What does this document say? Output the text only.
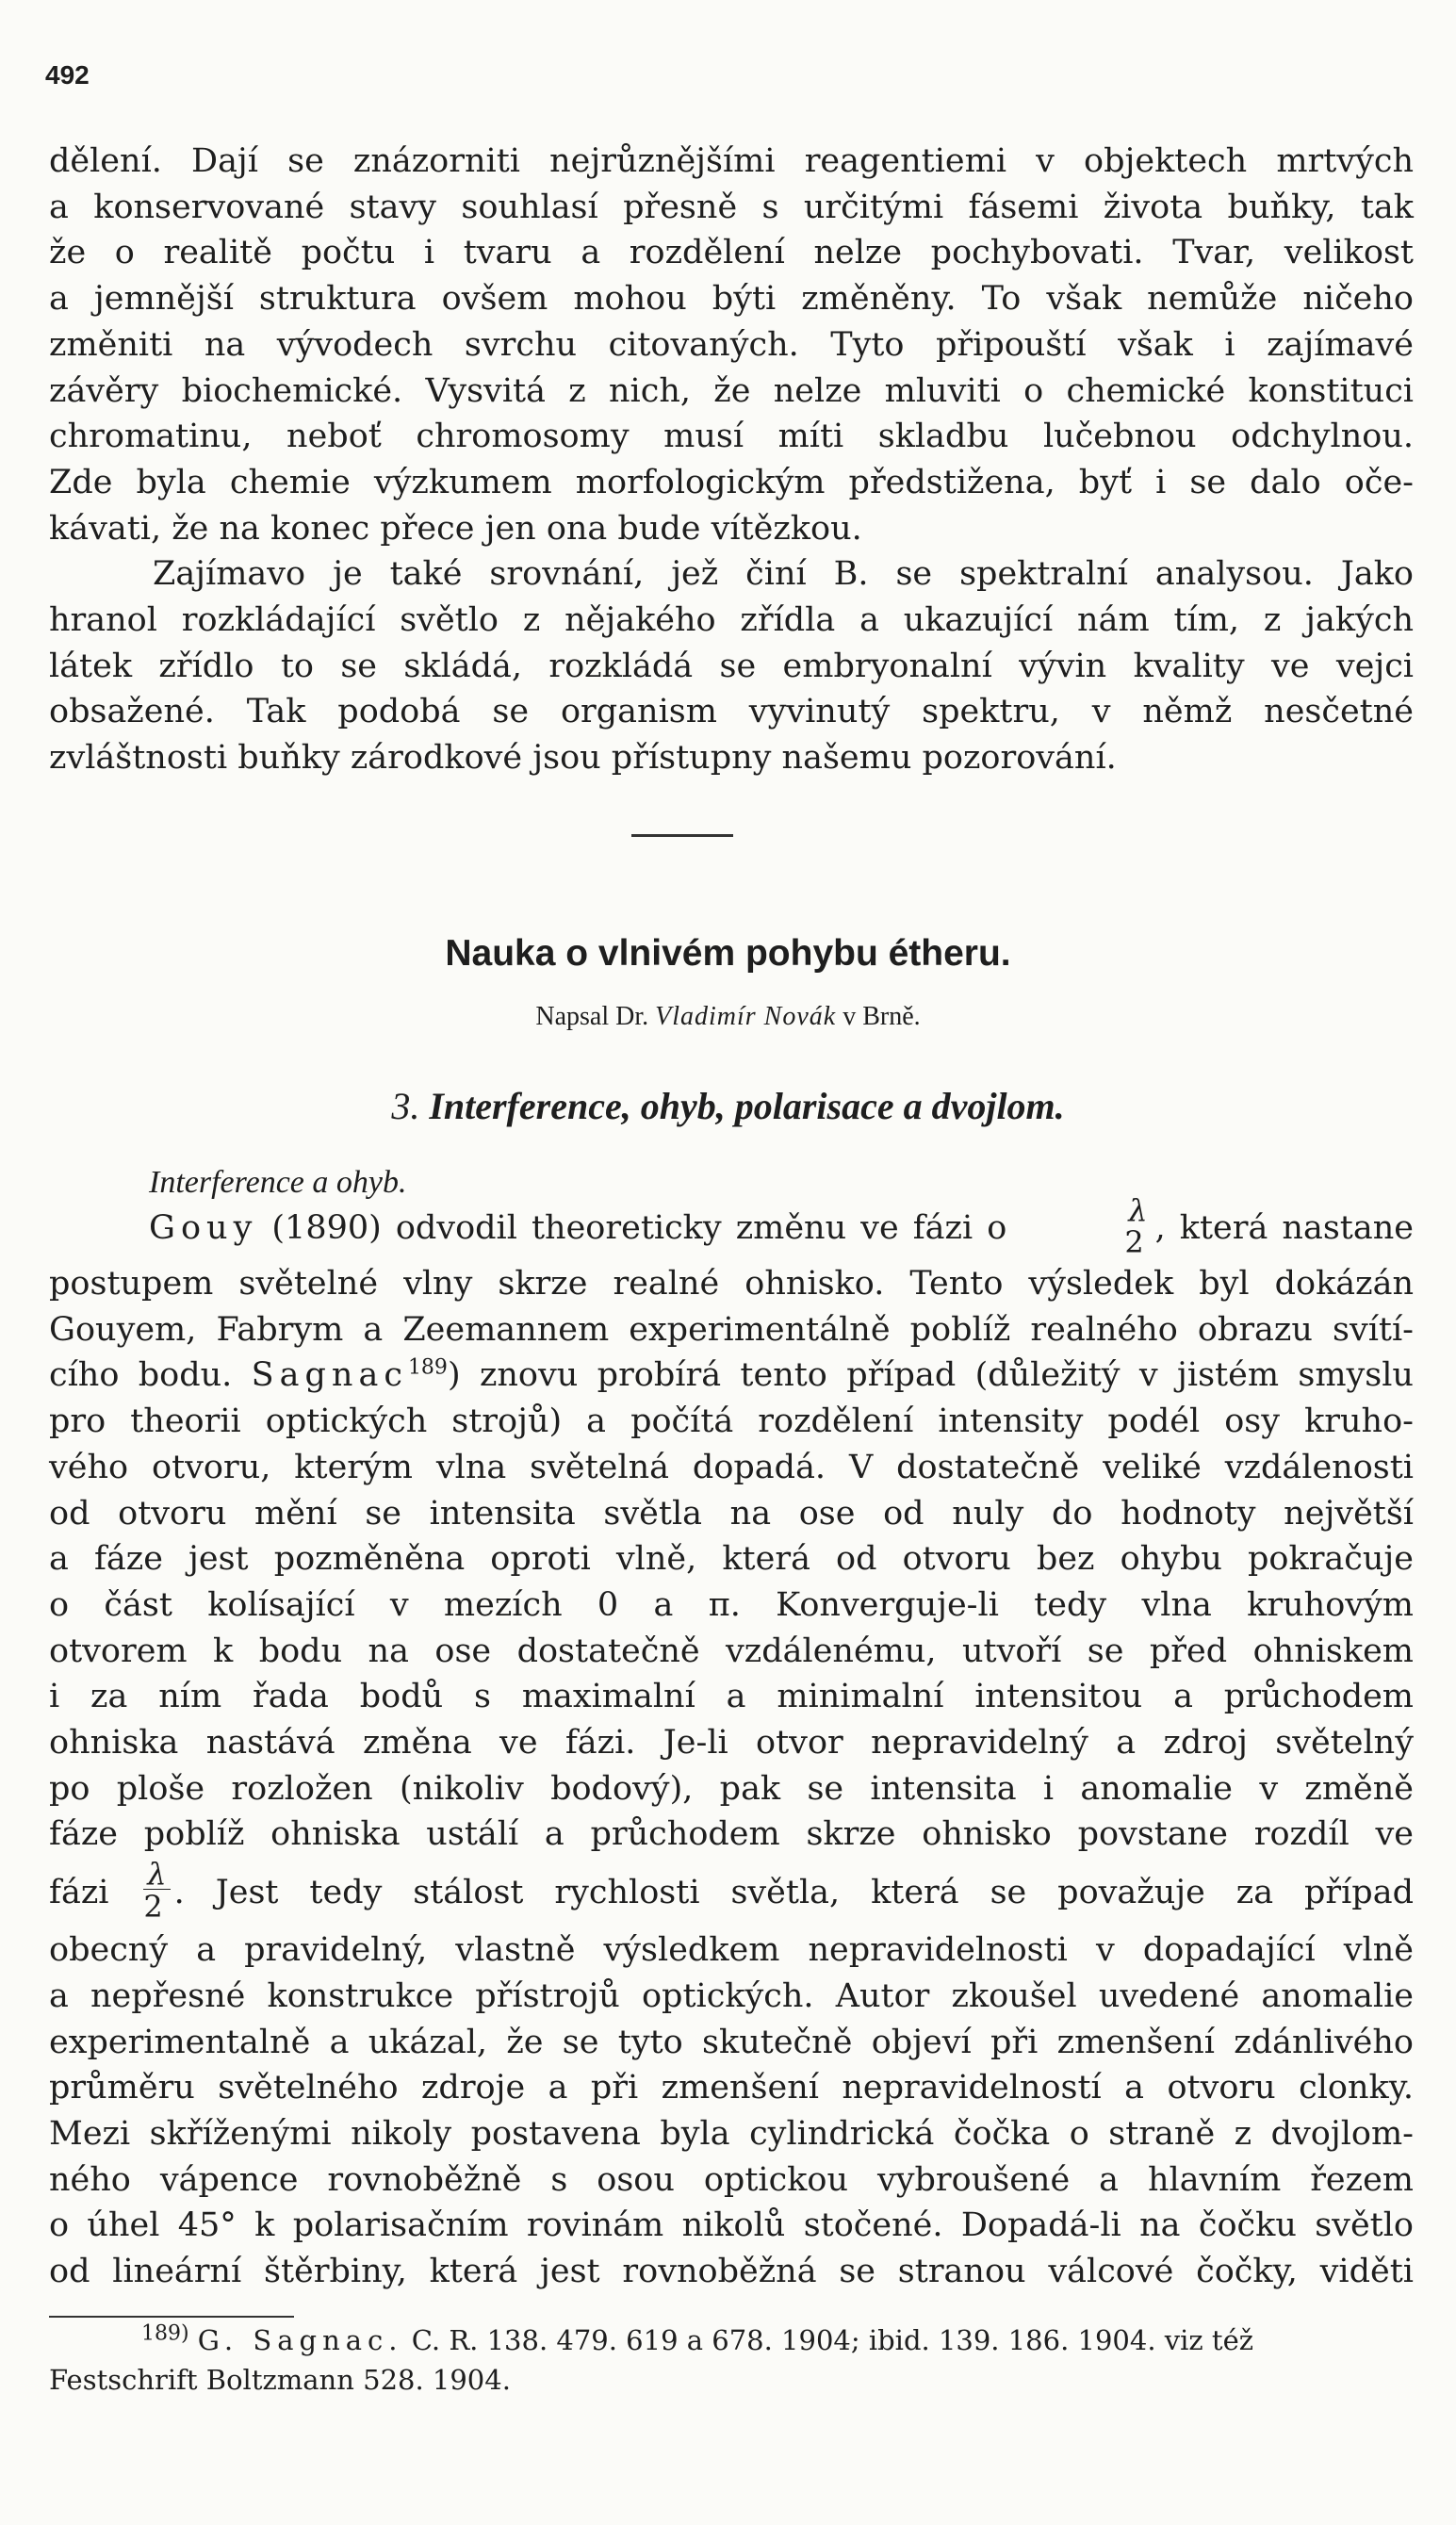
492

dělení. Dají se znázorniti nejrůznějšími reagentiemi v objektech mrtvých

a konservované stavy souhlasí přesně s určitými fásemi života buňky, tak

že o realitě počtu i tvaru a rozdělení nelze pochybovati. Tvar, velikost

a jemnější struktura ovšem mohou býti změněny. To však nemůže ničeho

změniti na vývodech svrchu citovaných. Tyto připouští však i zajímavé

závěry biochemické. Vysvitá z nich, že nelze mluviti o chemické konstituci

chromatinu, neboť chromosomy musí míti skladbu lučebnou odchylnou.

Zde byla chemie výzkumem morfologickým předstižena, byť i se dalo oče-

kávati, že na konec přece jen ona bude vítězkou.

Zajímavo je také srovnání, jež činí B. se spektralní analysou. Jako

hranol rozkládající světlo z nějakého zřídla a ukazující nám tím, z jakých

látek zřídlo to se skládá, rozkládá se embryonalní vývin kvality ve vejci

obsažené. Tak podobá se organism vyvinutý spektru, v němž nesčetné

zvláštnosti buňky zárodkové jsou přístupny našemu pozorování.

Nauka o vlnivém pohybu étheru.
Napsal Dr. Vladimír Novák v Brně.
3. Interference, ohyb, polarisace a dvojlom.
Interference a ohyb.

Gouy (1890) odvodil theoreticky změnu ve fázi o	λ
2 , která nastane

postupem světelné vlny skrze realné ohnisko. Tento výsledek byl dokázán

Gouyem, Fabrym a Zeemannem experimentálně poblíž realného obrazu svítí-

cího bodu. Sagnac$^{189}$) znovu probírá tento případ (důležitý v jistém smyslu

pro theorii optických strojů) a počítá rozdělení intensity podél osy kruho-

vého otvoru, kterým vlna světelná dopadá. V dostatečně veliké vzdálenosti

od otvoru mění se intensita světla na ose od nuly do hodnoty největší

a fáze jest pozměněna oproti vlně, která od otvoru bez ohybu pokračuje

o část kolísající v mezích 0 a π. Konverguje-li tedy vlna kruhovým

otvorem k bodu na ose dostatečně vzdálenému, utvoří se před ohniskem

i za ním řada bodů s maximalní a minimalní intensitou a průchodem

ohniska nastává změna ve fázi. Je-li otvor nepravidelný a zdroj světelný

po ploše rozložen (nikoliv bodový), pak se intensita i anomalie v změně

fáze poblíž ohniska ustálí a průchodem skrze ohnisko povstane rozdíl ve

fázi $\frac{\lambda}{2}$ . Jest tedy stálost rychlosti světla, která se považuje za případ

obecný a pravidelný, vlastně výsledkem nepravidelnosti v dopadající vlně

a nepřesné konstrukce přístrojů optických. Autor zkoušel uvedené anomalie

experimentalně a ukázal, že se tyto skutečně objeví při zmenšení zdánlivého

průměru světelného zdroje a při zmenšení nepravidelností a otvoru clonky.

Mezi skříženými nikoly postavena byla cylindrická čočka o straně z dvojlom-

ného vápence rovnoběžně s osou optickou vybroušené a hlavním řezem

o úhel 45° k polarisačním rovinám nikolů stočené. Dopadá-li na čočku světlo

od lineární štěrbiny, která jest rovnoběžná se stranou válcové čočky, viděti

$^{189)}$ G. Sagnac. C. R. 138. 479. 619 a 678. 1904; ibid. 139. 186. 1904. viz též
Festschrift Boltzmann 528. 1904.
